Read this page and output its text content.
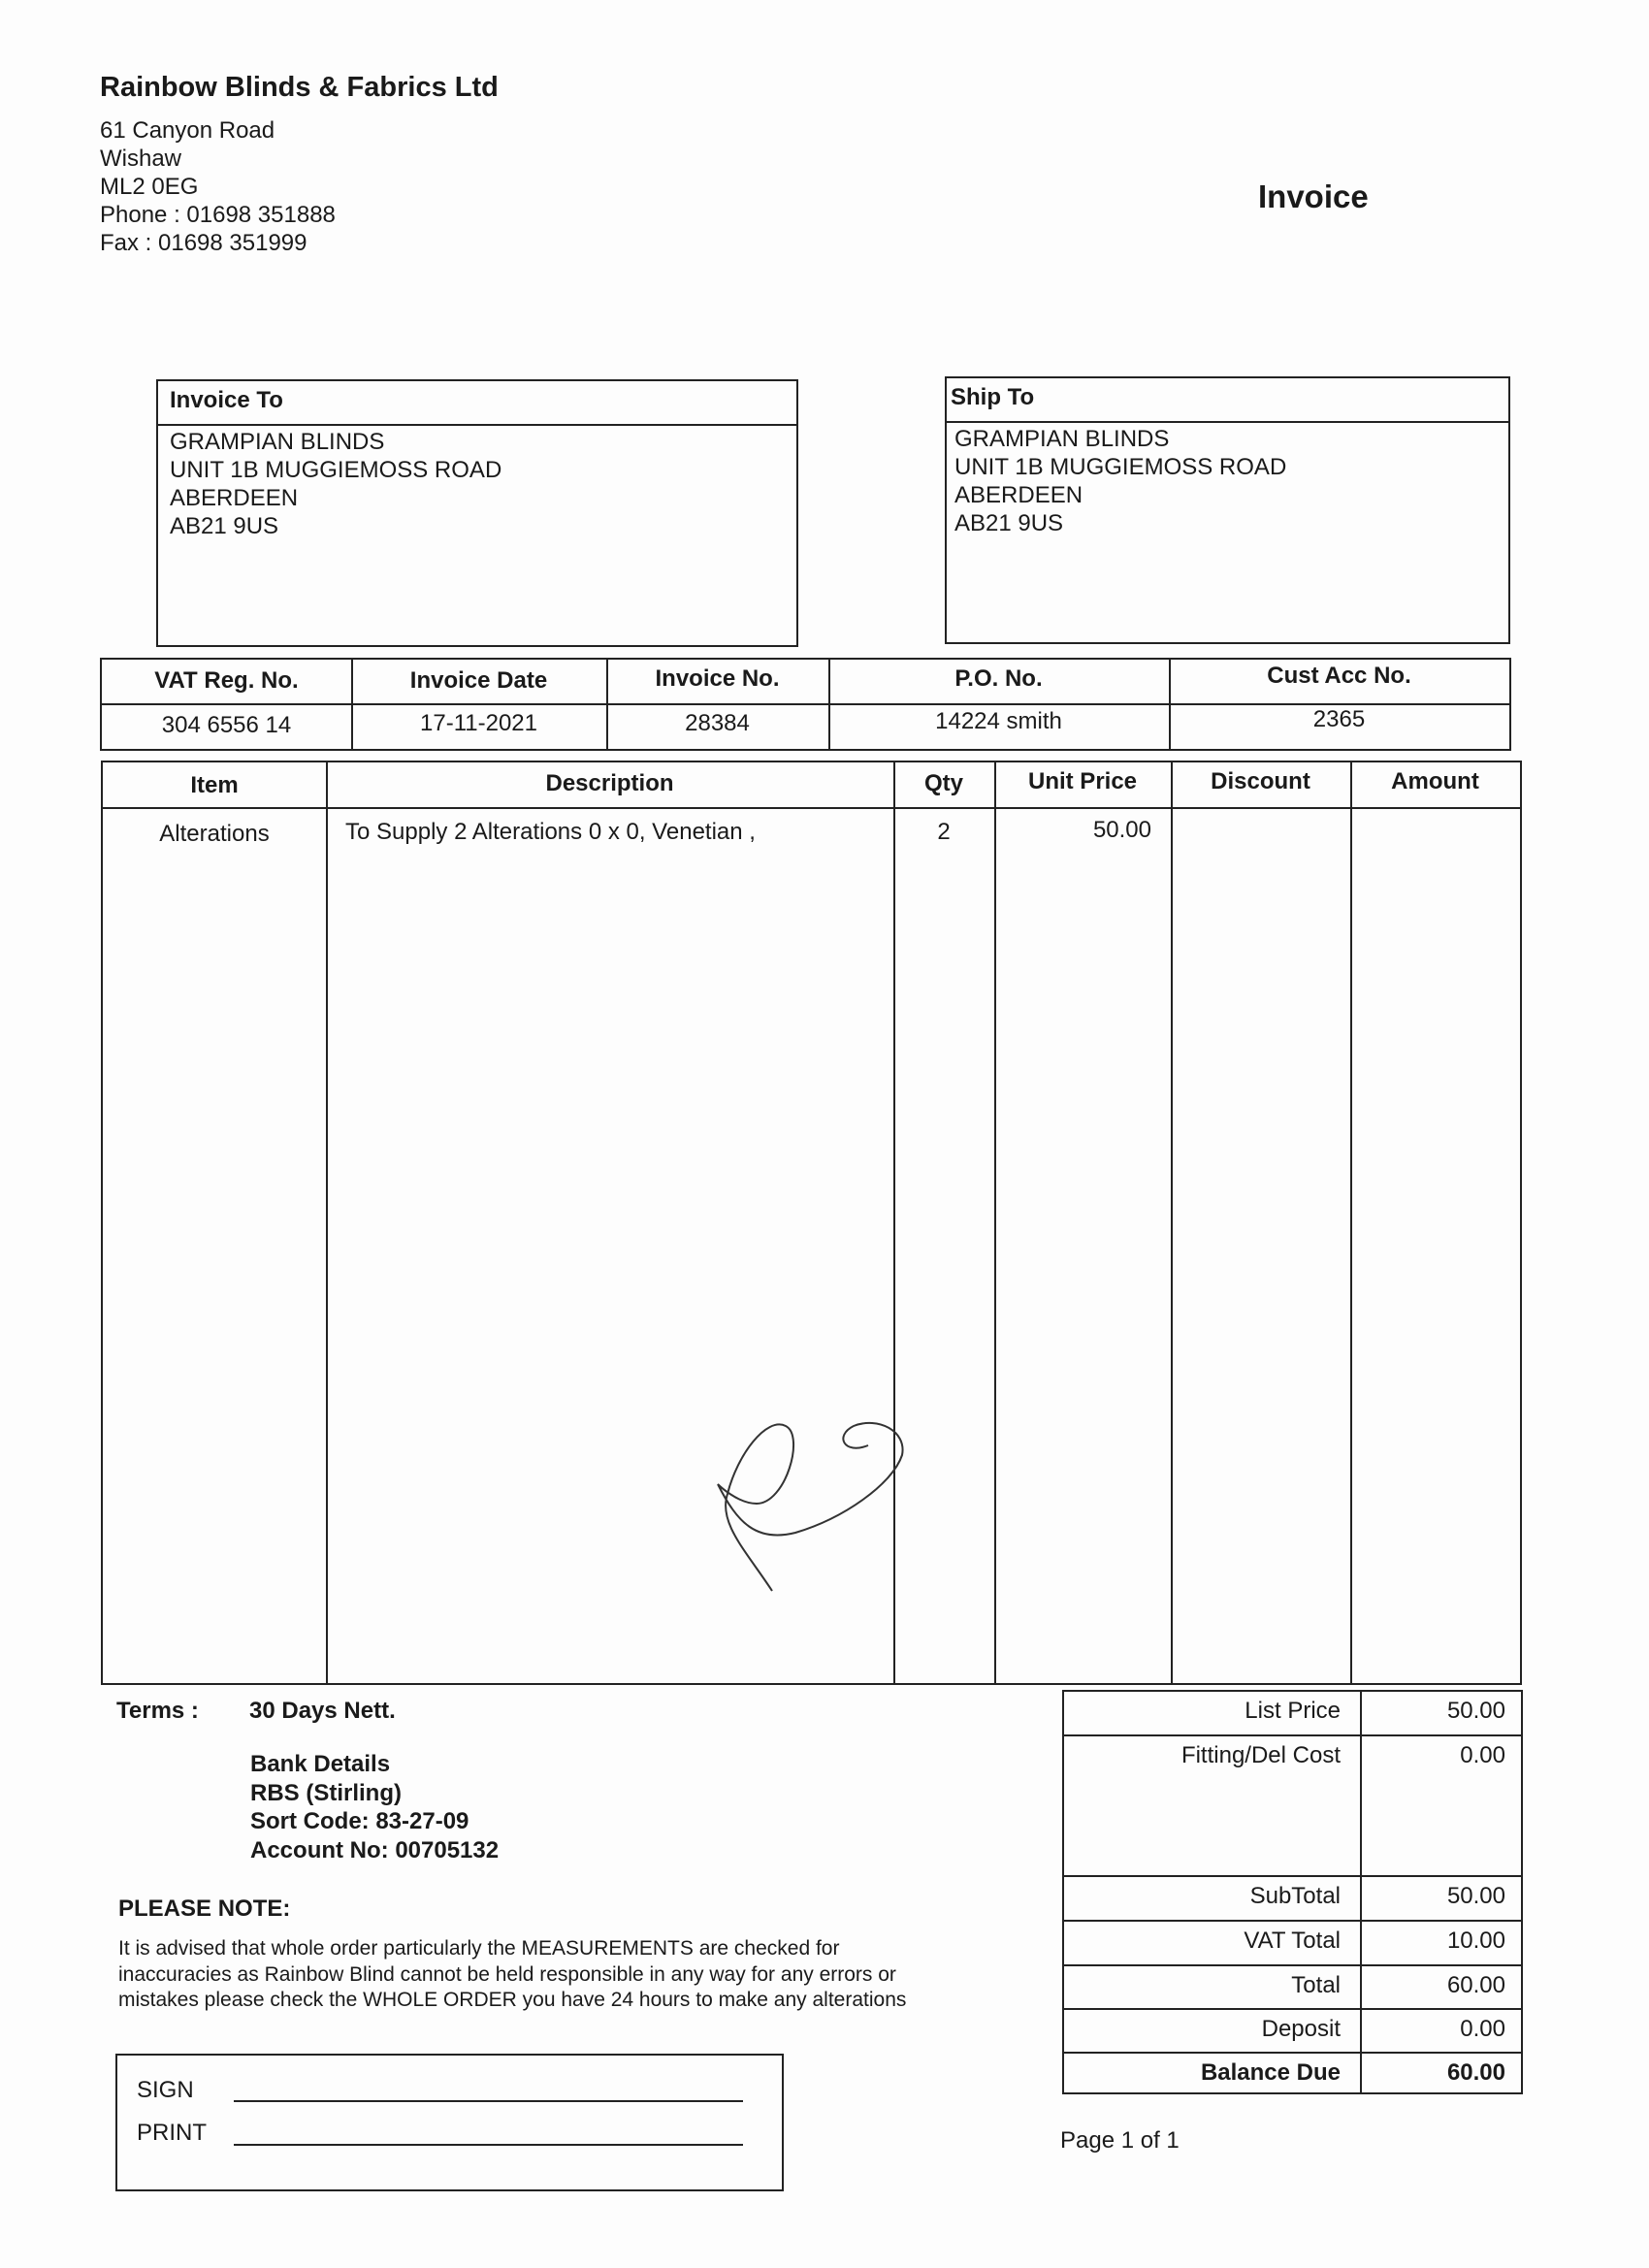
Rainbow Blinds & Fabrics Ltd
61 Canyon Road
Wishaw
ML2 0EG
Phone : 01698 351888
Fax : 01698 351999
Invoice
Invoice To
GRAMPIAN BLINDS
UNIT 1B MUGGIEMOSS ROAD
ABERDEEN
AB21 9US
Ship To
GRAMPIAN BLINDS
UNIT 1B MUGGIEMOSS ROAD
ABERDEEN
AB21 9US
VAT Reg. No.	Invoice Date	Invoice No.	P.O. No.	Cust Acc No.
304 6556 14	17-11-2021	28384	14224 smith	2365
Item	Description	Qty	Unit Price	Discount	Amount
Alterations	To Supply 2 Alterations 0 x 0, Venetian ,	2	50.00
Terms : 30 Days Nett.
Bank Details
RBS (Stirling)
Sort Code: 83-27-09
Account No: 00705132
PLEASE NOTE:
It is advised that whole order particularly the MEASUREMENTS are checked for
inaccuracies as Rainbow Blind cannot be held responsible in any way for any errors or
mistakes please check the WHOLE ORDER you have 24 hours to make any alterations
SIGN
PRINT
List Price	50.00
Fitting/Del Cost	0.00
SubTotal	50.00
VAT Total	10.00
Total	60.00
Deposit	0.00
Balance Due	60.00
Page 1 of 1
